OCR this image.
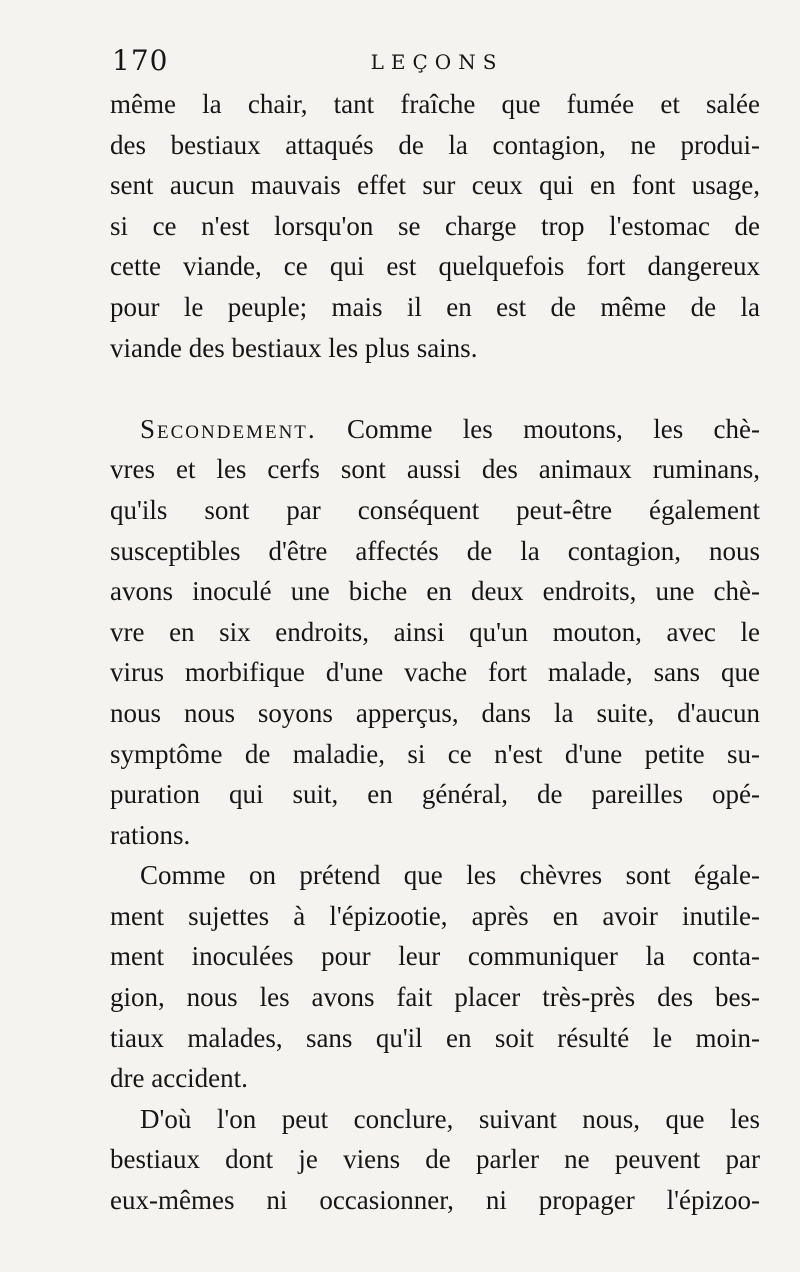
170	LEÇONS
même la chair, tant fraîche que fumée et salée
des bestiaux attaqués de la contagion, ne produi-
sent aucun mauvais effet sur ceux qui en font usage,
si ce n'est lorsqu'on se charge trop l'estomac de
cette viande, ce qui est quelquefois fort dangereux
pour le peuple; mais il en est de même de la
viande des bestiaux les plus sains.
Secondement. Comme les moutons, les chè-
vres et les cerfs sont aussi des animaux ruminans,
qu'ils sont par conséquent peut-être également
susceptibles d'être affectés de la contagion, nous
avons inoculé une biche en deux endroits, une chè-
vre en six endroits, ainsi qu'un mouton, avec le
virus morbifique d'une vache fort malade, sans que
nous nous soyons apperçus, dans la suite, d'aucun
symptôme de maladie, si ce n'est d'une petite su-
puration qui suit, en général, de pareilles opé-
rations.
Comme on prétend que les chèvres sont égale-
ment sujettes à l'épizootie, après en avoir inutile-
ment inoculées pour leur communiquer la conta-
gion, nous les avons fait placer très-près des bes-
tiaux malades, sans qu'il en soit résulté le moin-
dre accident.
D'où l'on peut conclure, suivant nous, que les
bestiaux dont je viens de parler ne peuvent par
eux-mêmes ni occasionner, ni propager l'épizoo-
